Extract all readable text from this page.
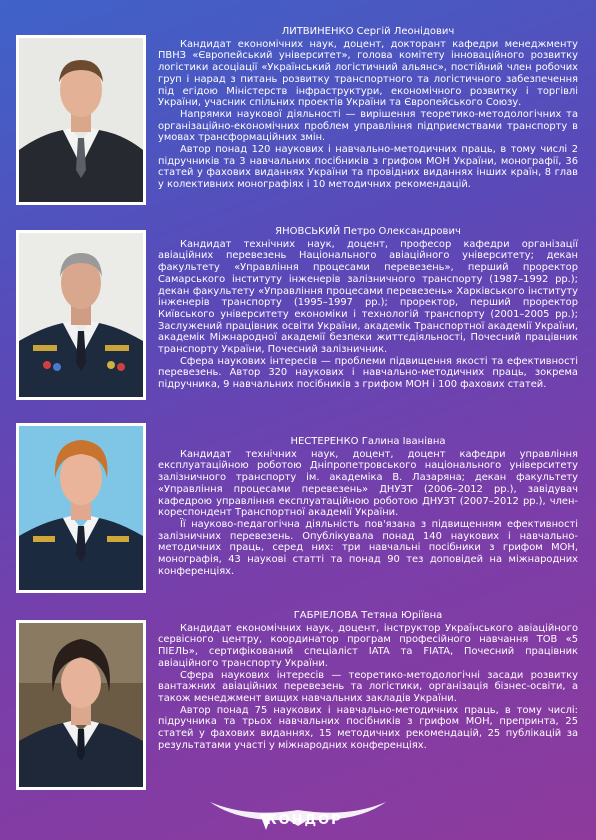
ЛИТВИНЕНКО Сергій Леонідович

Кандидат економічних наук, доцент, докторант кафедри менеджменту ПВНЗ «Європейський університет», голова комітету інноваційного розвитку логістики асоціації «Український логістичний альянс», постійний член робочих груп і нарад з питань розвитку транспортного та логістичного забезпечення під егідою Міністерств інфраструктури, економічного розвитку і торгівлі України, учасник спільних проектів України та Європейського Союзу.

Напрямки наукової діяльності — вирішення теоретико-методологічних та організаційно-економічних проблем управління підприємствами транспорту в умовах трансформаційних змін.

Автор понад 120 наукових і навчально-методичних праць, в тому числі 2 підручників та 3 навчальних посібників з грифом МОН України, монографії, 36 статей у фахових виданнях України та провідних виданнях інших країн, 8 глав у колективних монографіях і 10 методичних рекомендацій.

ЯНОВСЬКИЙ Петро Олександрович

Кандидат технічних наук, доцент, професор кафедри організації авіаційних перевезень Національного авіаційного університету; декан факультету «Управління процесами перевезень», перший проректор Самарського інституту інженерів залізничного транспорту (1987–1992 рр.); декан факультету «Управління процесами перевезень» Харківського інституту інженерів транспорту (1995–1997 рр.); проректор, перший проректор Київського університету економіки і технологій транспорту (2001–2005 рр.); Заслужений працівник освіти України, академік Транспортної академії України, академік Міжнародної академії безпеки життєдіяльності, Почесний працівник транспорту України, Почесний залізничник.

Сфера наукових інтересів — проблеми підвищення якості та ефективності перевезень. Автор 320 наукових і навчально-методичних праць, зокрема підручника, 9 навчальних посібників з грифом МОН і 100 фахових статей.

НЕСТЕРЕНКО Галина Іванівна

Кандидат технічних наук, доцент, доцент кафедри управління експлуатаційною роботою Дніпропетровського національного університету залізничного транспорту ім. академіка В. Лазаряна; декан факультету «Управління процесами перевезень» ДНУЗТ (2006–2012 рр.), завідувач кафедрою управління експлуатаційною роботою ДНУЗТ (2007–2012 рр.), член-кореспондент Транспортної академії України.

Її науково-педагогічна діяльність пов'язана з підвищенням ефективності залізничних перевезень. Опублікувала понад 140 наукових і навчально-методичних праць, серед них: три навчальні посібники з грифом МОН, монографія, 43 наукові статті та понад 90 тез доповідей на міжнародних конференціях.

ГАБРІЕЛОВА Тетяна Юріївна

Кандидат економічних наук, доцент, інструктор Українського авіаційного сервісного центру, координатор програм професійного навчання ТОВ «5 ПІЕЛЬ», сертифікований спеціаліст IATA та FIATA, Почесний працівник авіаційного транспорту України.

Сфера наукових інтересів — теоретико-методологічні засади розвитку вантажних авіаційних перевезень та логістики, організація бізнес-освіти, а також менеджмент вищих навчальних закладів України.

Автор понад 75 наукових і навчально-методичних праць, в тому числі: підручника та трьох навчальних посібників з грифом МОН, препринта, 25 статей у фахових виданнях, 15 методичних рекомендацій, 25 публікацій за результатами участі у міжнародних конференціях.

КОНДОР
